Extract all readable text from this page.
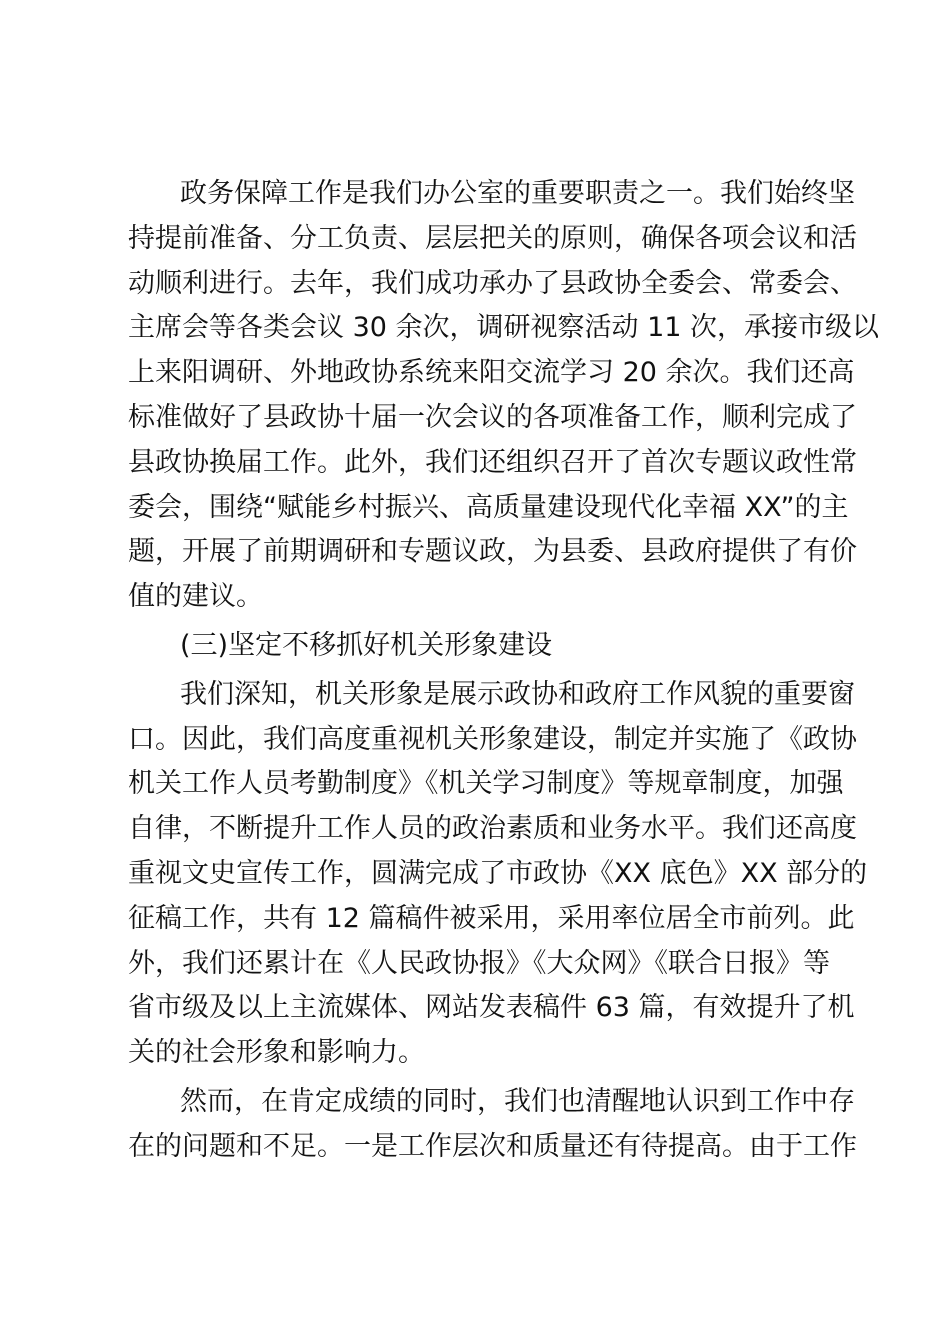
政务保障工作是我们办公室的重要职责之一。我们始终坚
持提前准备、分工负责、层层把关的原则，确保各项会议和活
动顺利进行。去年，我们成功承办了县政协全委会、常委会、
主席会等各类会议 30 余次，调研视察活动 11 次，承接市级以
上来阳调研、外地政协系统来阳交流学习 20 余次。我们还高
标准做好了县政协十届一次会议的各项准备工作，顺利完成了
县政协换届工作。此外，我们还组织召开了首次专题议政性常
委会，围绕“赋能乡村振兴、高质量建设现代化幸福 XX”的主
题，开展了前期调研和专题议政，为县委、县政府提供了有价
值的建议。
(三)坚定不移抓好机关形象建设
我们深知，机关形象是展示政协和政府工作风貌的重要窗
口。因此，我们高度重视机关形象建设，制定并实施了《政协
机关工作人员考勤制度》《机关学习制度》等规章制度，加强
自律，不断提升工作人员的政治素质和业务水平。我们还高度
重视文史宣传工作，圆满完成了市政协《XX 底色》XX 部分的
征稿工作，共有 12 篇稿件被采用，采用率位居全市前列。此
外，我们还累计在《人民政协报》《大众网》《联合日报》等
省市级及以上主流媒体、网站发表稿件 63 篇，有效提升了机
关的社会形象和影响力。
然而，在肯定成绩的同时，我们也清醒地认识到工作中存
在的问题和不足。一是工作层次和质量还有待提高。由于工作
